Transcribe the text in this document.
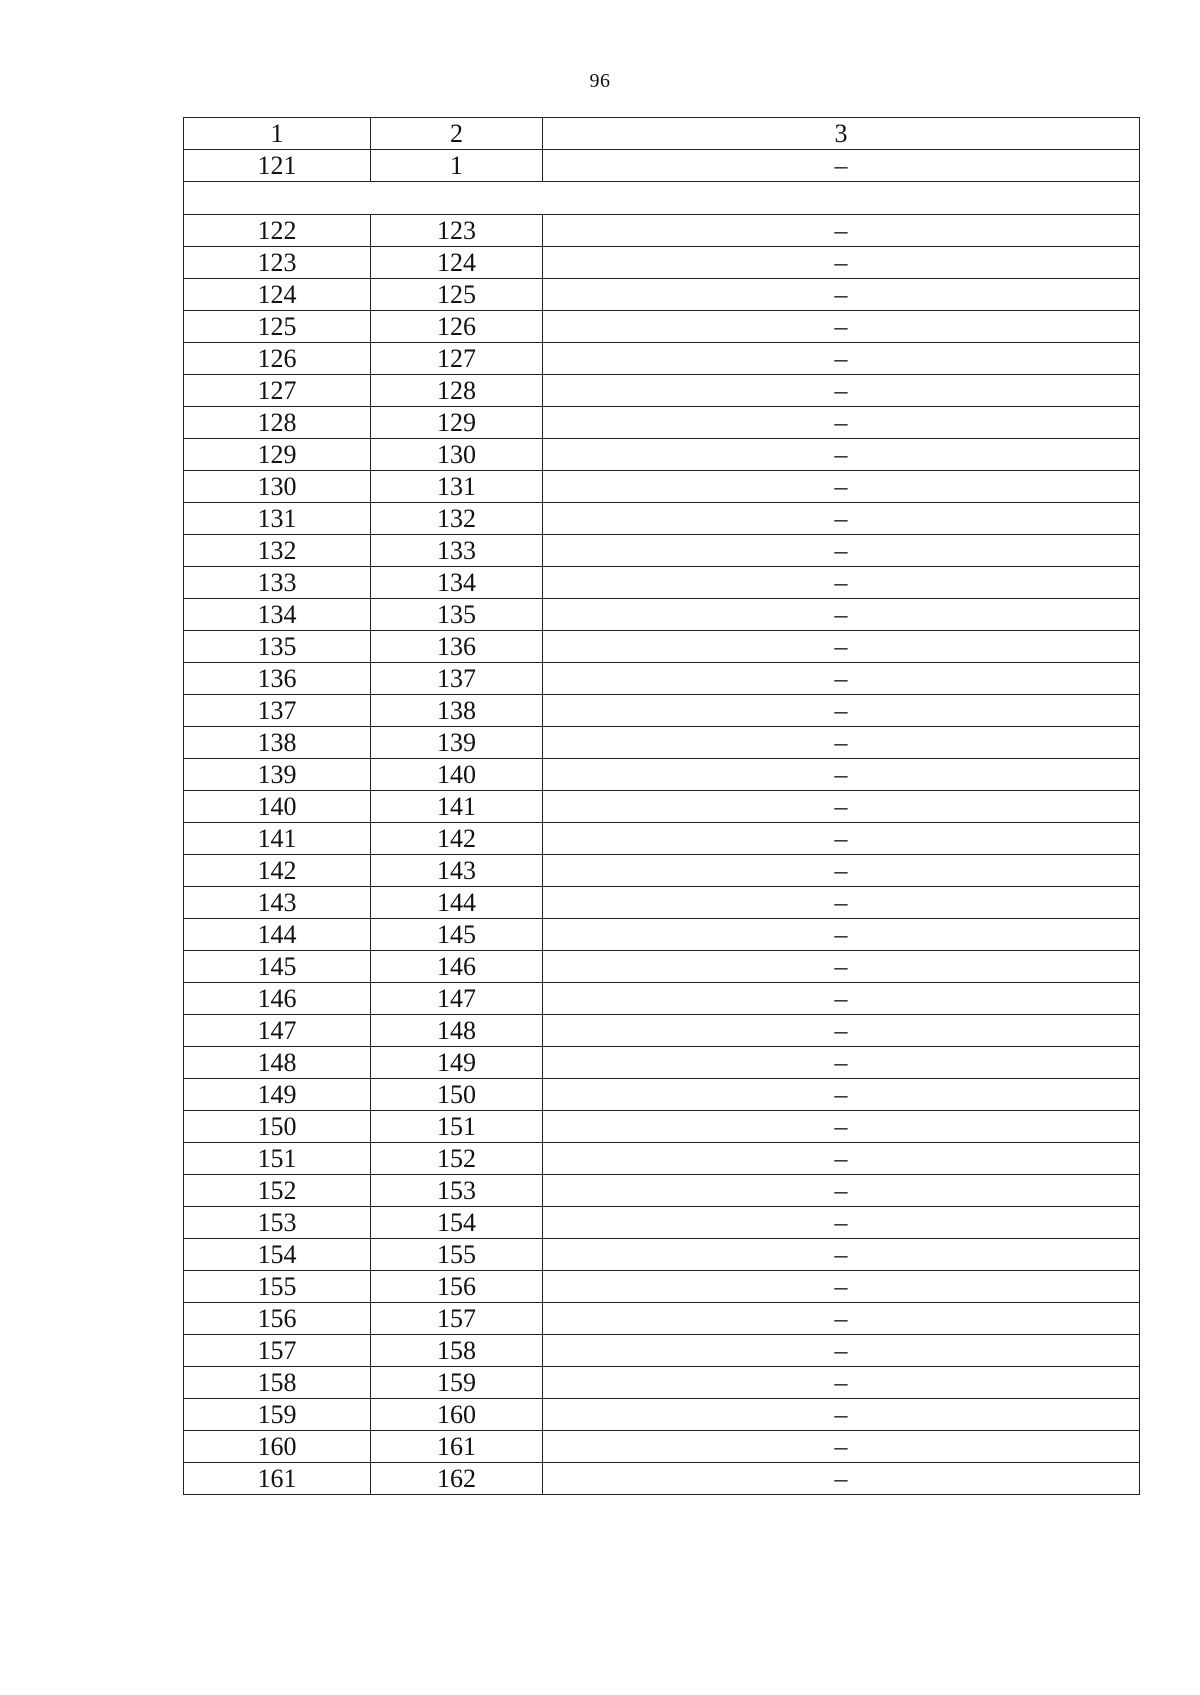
96
1	2	3
121	1	–

122	123	–
123	124	–
124	125	–
125	126	–
126	127	–
127	128	–
128	129	–
129	130	–
130	131	–
131	132	–
132	133	–
133	134	–
134	135	–
135	136	–
136	137	–
137	138	–
138	139	–
139	140	–
140	141	–
141	142	–
142	143	–
143	144	–
144	145	–
145	146	–
146	147	–
147	148	–
148	149	–
149	150	–
150	151	–
151	152	–
152	153	–
153	154	–
154	155	–
155	156	–
156	157	–
157	158	–
158	159	–
159	160	–
160	161	–
161	162	–
